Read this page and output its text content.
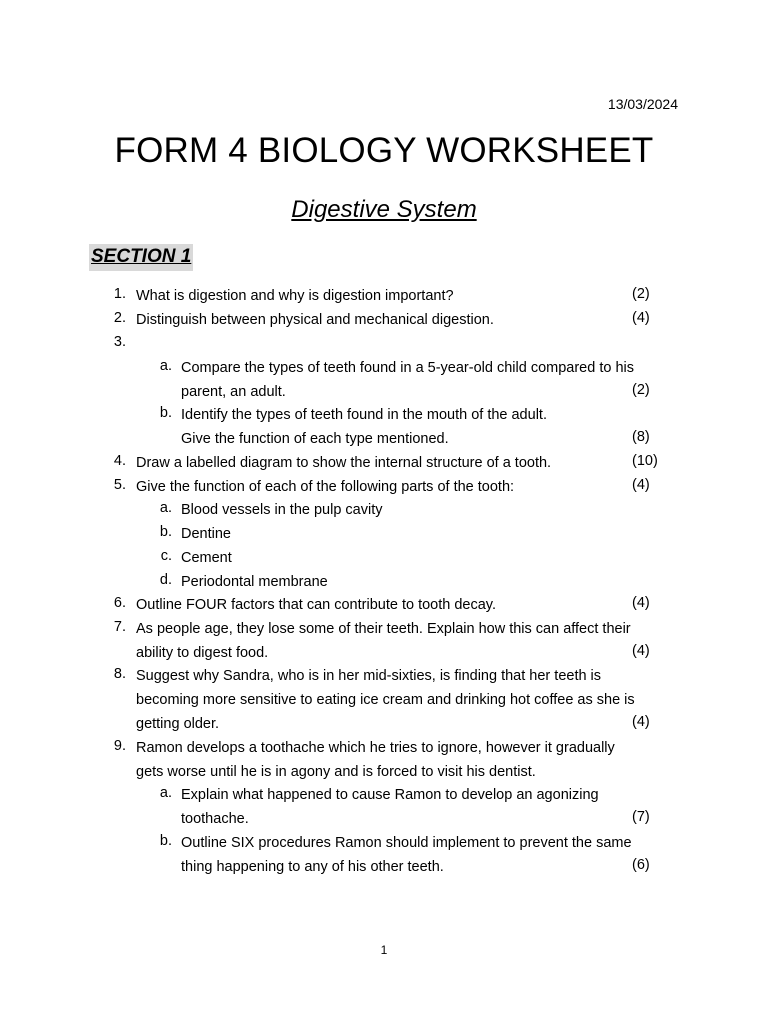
13/03/2024
FORM 4 BIOLOGY WORKSHEET
Digestive System
SECTION 1
1. What is digestion and why is digestion important?	(2)
2. Distinguish between physical and mechanical digestion.	(4)
3.
a. Compare the types of teeth found in a 5-year-old child compared to his
parent, an adult.	(2)
b. Identify the types of teeth found in the mouth of the adult.
Give the function of each type mentioned.	(8)
4. Draw a labelled diagram to show the internal structure of a tooth.	(10)
5. Give the function of each of the following parts of the tooth:	(4)
a. Blood vessels in the pulp cavity
b. Dentine
c. Cement
d. Periodontal membrane
6. Outline FOUR factors that can contribute to tooth decay.	(4)
7. As people age, they lose some of their teeth. Explain how this can affect their
ability to digest food.	(4)
8. Suggest why Sandra, who is in her mid-sixties, is finding that her teeth is
becoming more sensitive to eating ice cream and drinking hot coffee as she is
getting older.	(4)
9. Ramon develops a toothache which he tries to ignore, however it gradually
gets worse until he is in agony and is forced to visit his dentist.
a. Explain what happened to cause Ramon to develop an agonizing
toothache.	(7)
b. Outline SIX procedures Ramon should implement to prevent the same
thing happening to any of his other teeth.	(6)
1
